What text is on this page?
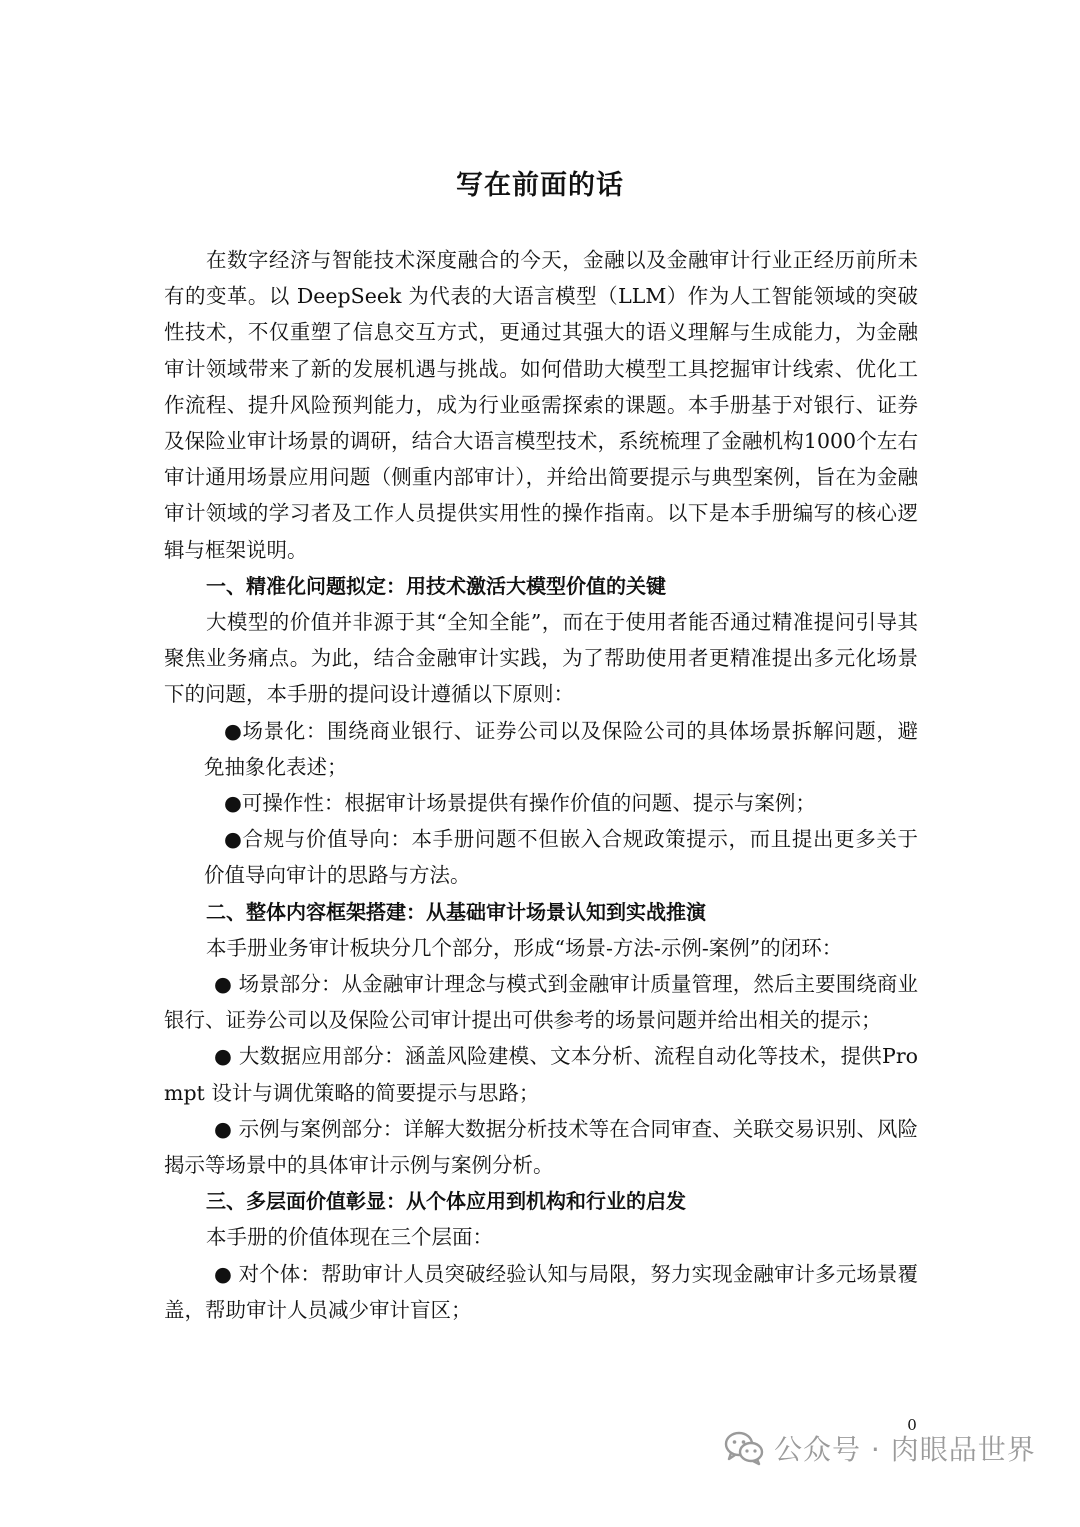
写在前面的话

在数字经济与智能技术深度融合的今天，金融以及金融审计行业正经历前所未有的变革。以 DeepSeek 为代表的大语言模型（LLM）作为人工智能领域的突破性技术，不仅重塑了信息交互方式，更通过其强大的语义理解与生成能力，为金融审计领域带来了新的发展机遇与挑战。如何借助大模型工具挖掘审计线索、优化工作流程、提升风险预判能力，成为行业亟需探索的课题。本手册基于对银行、证券及保险业审计场景的调研，结合大语言模型技术，系统梳理了金融机构1000个左右审计通用场景应用问题（侧重内部审计），并给出简要提示与典型案例，旨在为金融审计领域的学习者及工作人员提供实用性的操作指南。以下是本手册编写的核心逻辑与框架说明。

一、精准化问题拟定：用技术激活大模型价值的关键

大模型的价值并非源于其“全知全能”，而在于使用者能否通过精准提问引导其聚焦业务痛点。为此，结合金融审计实践，为了帮助使用者更精准提出多元化场景下的问题，本手册的提问设计遵循以下原则：

●场景化：围绕商业银行、证券公司以及保险公司的具体场景拆解问题，避免抽象化表述；

●可操作性：根据审计场景提供有操作价值的问题、提示与案例；

●合规与价值导向：本手册问题不但嵌入合规政策提示，而且提出更多关于价值导向审计的思路与方法。

二、整体内容框架搭建：从基础审计场景认知到实战推演

本手册业务审计板块分几个部分，形成“场景-方法-示例-案例”的闭环：

● 场景部分：从金融审计理念与模式到金融审计质量管理，然后主要围绕商业银行、证券公司以及保险公司审计提出可供参考的场景问题并给出相关的提示；

● 大数据应用部分：涵盖风险建模、文本分析、流程自动化等技术，提供Prompt 设计与调优策略的简要提示与思路；

● 示例与案例部分：详解大数据分析技术等在合同审查、关联交易识别、风险揭示等场景中的具体审计示例与案例分析。

三、多层面价值彰显：从个体应用到机构和行业的启发

本手册的价值体现在三个层面：

● 对个体：帮助审计人员突破经验认知与局限，努力实现金融审计多元场景覆盖，帮助审计人员减少审计盲区；

0
公众号 · 肉眼品世界
